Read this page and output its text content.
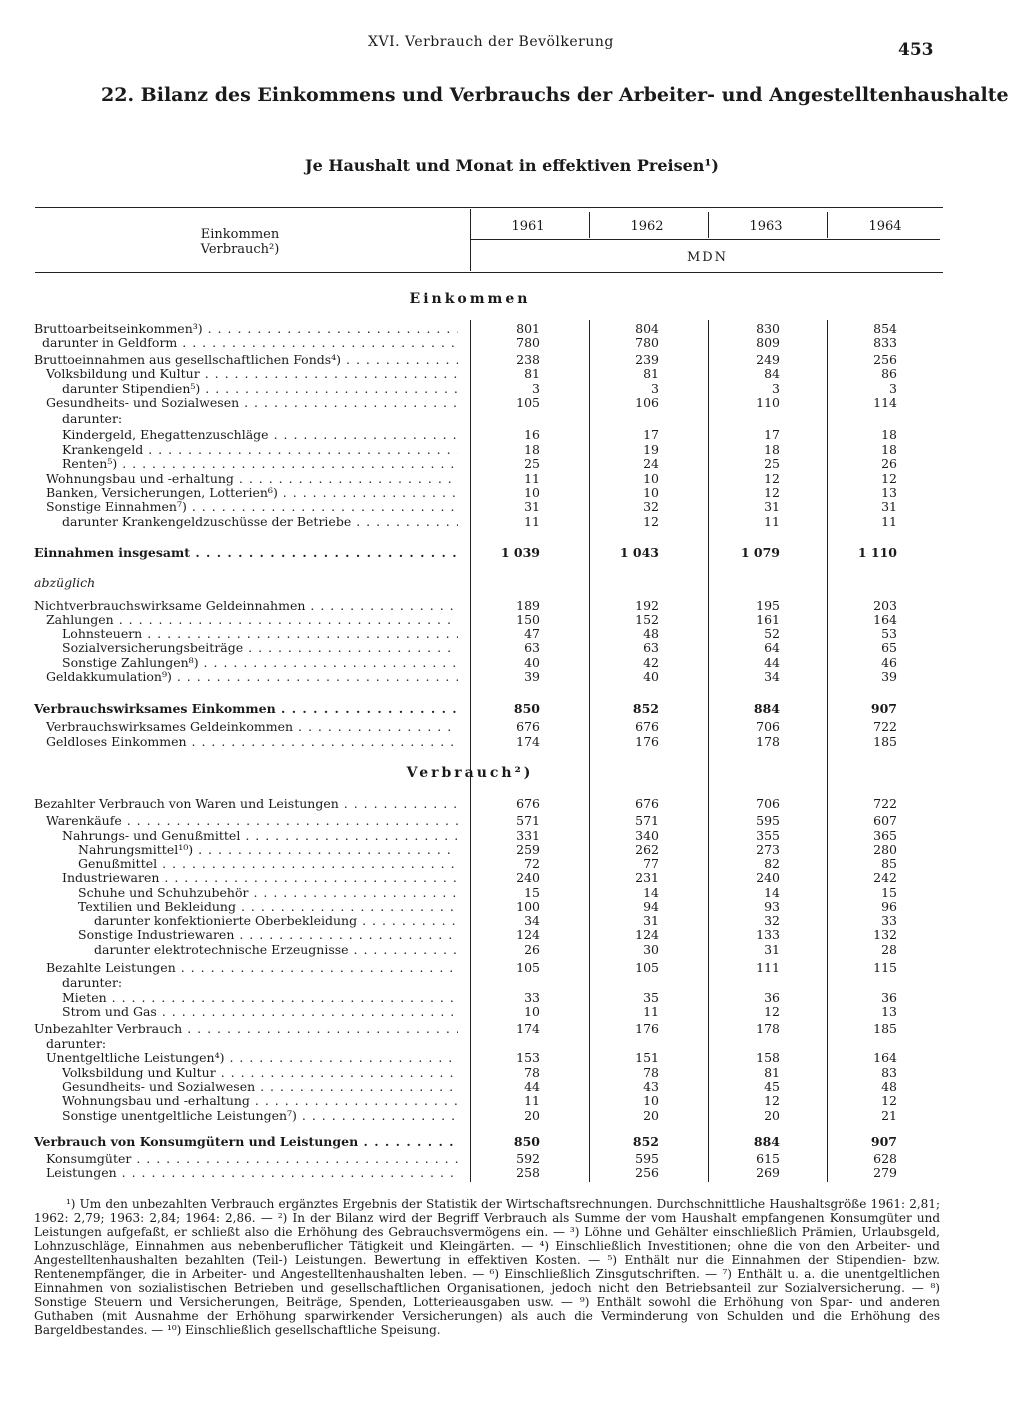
XVI. Verbrauch der Bevölkerung	453
22. Bilanz des Einkommens und Verbrauchs der Arbeiter- und Angestelltenhaushalte
Je Haushalt und Monat in effektiven Preisen¹)
Einkommen
Verbrauch²)
1961	1962	1963	1964
MDN
Einkommen
Verbrauch²)
Bruttoarbeitseinkommen³) . . .	801	804	830	854
darunter in Geldform . . .	780	780	809	833
Bruttoeinnahmen aus gesellschaftlichen Fonds⁴) . . .	238	239	249	256
Volksbildung und Kultur . . .	81	81	84	86
darunter Stipendien⁵) . . .	3	3	3	3
Gesundheits- und Sozialwesen . . .	105	106	110	114
darunter:
Kindergeld, Ehegattenzuschläge . . .	16	17	17	18
Krankengeld . . .	18	19	18	18
Renten⁵) . . .	25	24	25	26
Wohnungsbau und -erhaltung . . .	11	10	12	12
Banken, Versicherungen, Lotterien⁶) . . .	10	10	12	13
Sonstige Einnahmen⁷) . . .	31	32	31	31
darunter Krankengeldzuschüsse der Betriebe . . .	11	12	11	11
Einnahmen insgesamt . . .	1 039	1 043	1 079	1 110
abzüglich
Nichtverbrauchswirksame Geldeinnahmen . . .	189	192	195	203
Zahlungen . . .	150	152	161	164
Lohnsteuern . . .	47	48	52	53
Sozialversicherungsbeiträge . . .	63	63	64	65
Sonstige Zahlungen⁸) . . .	40	42	44	46
Geldakkumulation⁹) . . .	39	40	34	39
Verbrauchswirksames Einkommen . . .	850	852	884	907
Verbrauchswirksames Geldeinkommen . . .	676	676	706	722
Geldloses Einkommen . . .	174	176	178	185
Bezahlter Verbrauch von Waren und Leistungen . . .	676	676	706	722
Warenkäufe . . .	571	571	595	607
Nahrungs- und Genußmittel . . .	331	340	355	365
Nahrungsmittel¹⁰) . . .	259	262	273	280
Genußmittel . . .	72	77	82	85
Industriewaren . . .	240	231	240	242
Schuhe und Schuhzubehör . . .	15	14	14	15
Textilien und Bekleidung . . .	100	94	93	96
darunter konfektionierte Oberbekleidung . . .	34	31	32	33
Sonstige Industriewaren . . .	124	124	133	132
darunter elektrotechnische Erzeugnisse . . .	26	30	31	28
Bezahlte Leistungen . . .	105	105	111	115
darunter:
Mieten . . .	33	35	36	36
Strom und Gas . . .	10	11	12	13
Unbezahlter Verbrauch . . .	174	176	178	185
darunter:
Unentgeltliche Leistungen⁴) . . .	153	151	158	164
Volksbildung und Kultur . . .	78	78	81	83
Gesundheits- und Sozialwesen . . .	44	43	45	48
Wohnungsbau und -erhaltung . . .	11	10	12	12
Sonstige unentgeltliche Leistungen⁷) . . .	20	20	20	21
Verbrauch von Konsumgütern und Leistungen . . .	850	852	884	907
Konsumgüter . . .	592	595	615	628
Leistungen . . .	258	256	269	279
¹) Um den unbezahlten Verbrauch ergänztes Ergebnis der Statistik der Wirtschaftsrechnungen. Durchschnittliche Haushaltsgröße 1961: 2,81; 1962: 2,79; 1963: 2,84; 1964: 2,86. — ²) In der Bilanz wird der Begriff Verbrauch als Summe der vom Haushalt empfangenen Konsumgüter und Leistungen aufgefaßt, er schließt also die Erhöhung des Gebrauchsvermögens ein. — ³) Löhne und Gehälter einschließlich Prämien, Urlaubsgeld, Lohnzuschläge, Einnahmen aus nebenberuflicher Tätigkeit und Kleingärten. — ⁴) Einschließlich Investitionen; ohne die von den Arbeiter- und Angestelltenhaushalten bezahlten (Teil-) Leistungen. Bewertung in effektiven Kosten. — ⁵) Enthält nur die Einnahmen der Stipendien- bzw. Rentenempfänger, die in Arbeiter- und Angestelltenhaushalten leben. — ⁶) Einschließlich Zinsgutschriften. — ⁷) Enthält u. a. die unentgeltlichen Einnahmen von sozialistischen Betrieben und gesellschaftlichen Organisationen, jedoch nicht den Betriebsanteil zur Sozialversicherung. — ⁸) Sonstige Steuern und Versicherungen, Beiträge, Spenden, Lotterieausgaben usw. — ⁹) Enthält sowohl die Erhöhung von Spar- und anderen Guthaben (mit Ausnahme der Erhöhung sparwirkender Versicherungen) als auch die Verminderung von Schulden und die Erhöhung des Bargeldbestandes. — ¹⁰) Einschließlich gesellschaftliche Speisung.
